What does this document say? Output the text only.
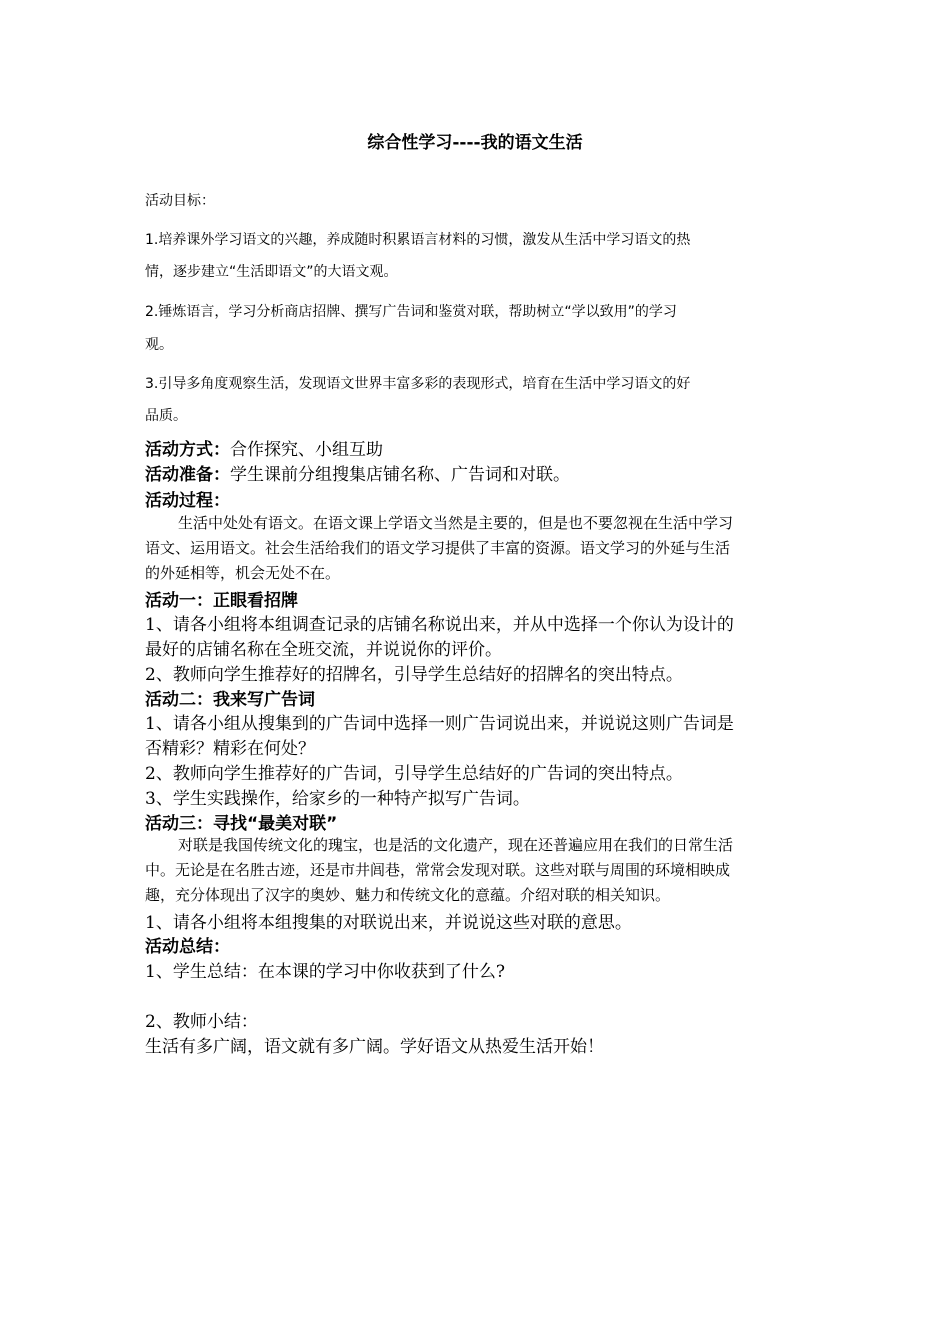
综合性学习----我的语文生活
活动目标：
1.培养课外学习语文的兴趣，养成随时积累语言材料的习惯，激发从生活中学习语文的热
情，逐步建立“生活即语文”的大语文观。
2.锤炼语言，学习分析商店招牌、撰写广告词和鉴赏对联，帮助树立“学以致用”的学习
观。
3.引导多角度观察生活，发现语文世界丰富多彩的表现形式，培育在生活中学习语文的好
品质。
活动方式：合作探究、小组互助
活动准备：学生课前分组搜集店铺名称、广告词和对联。
活动过程：
生活中处处有语文。在语文课上学语文当然是主要的，但是也不要忽视在生活中学习
语文、运用语文。社会生活给我们的语文学习提供了丰富的资源。语文学习的外延与生活
的外延相等，机会无处不在。
活动一：正眼看招牌
1、请各小组将本组调查记录的店铺名称说出来，并从中选择一个你认为设计的
最好的店铺名称在全班交流，并说说你的评价。
2、教师向学生推荐好的招牌名，引导学生总结好的招牌名的突出特点。
活动二：我来写广告词
1、请各小组从搜集到的广告词中选择一则广告词说出来，并说说这则广告词是
否精彩？精彩在何处？
2、教师向学生推荐好的广告词，引导学生总结好的广告词的突出特点。
3、学生实践操作，给家乡的一种特产拟写广告词。
活动三：寻找“最美对联”
对联是我国传统文化的瑰宝，也是活的文化遗产，现在还普遍应用在我们的日常生活
中。无论是在名胜古迹，还是市井闾巷，常常会发现对联。这些对联与周围的环境相映成
趣，充分体现出了汉字的奥妙、魅力和传统文化的意蕴。介绍对联的相关知识。
1、请各小组将本组搜集的对联说出来，并说说这些对联的意思。
活动总结：
1、学生总结：在本课的学习中你收获到了什么?
2、教师小结：
生活有多广阔，语文就有多广阔。学好语文从热爱生活开始！
